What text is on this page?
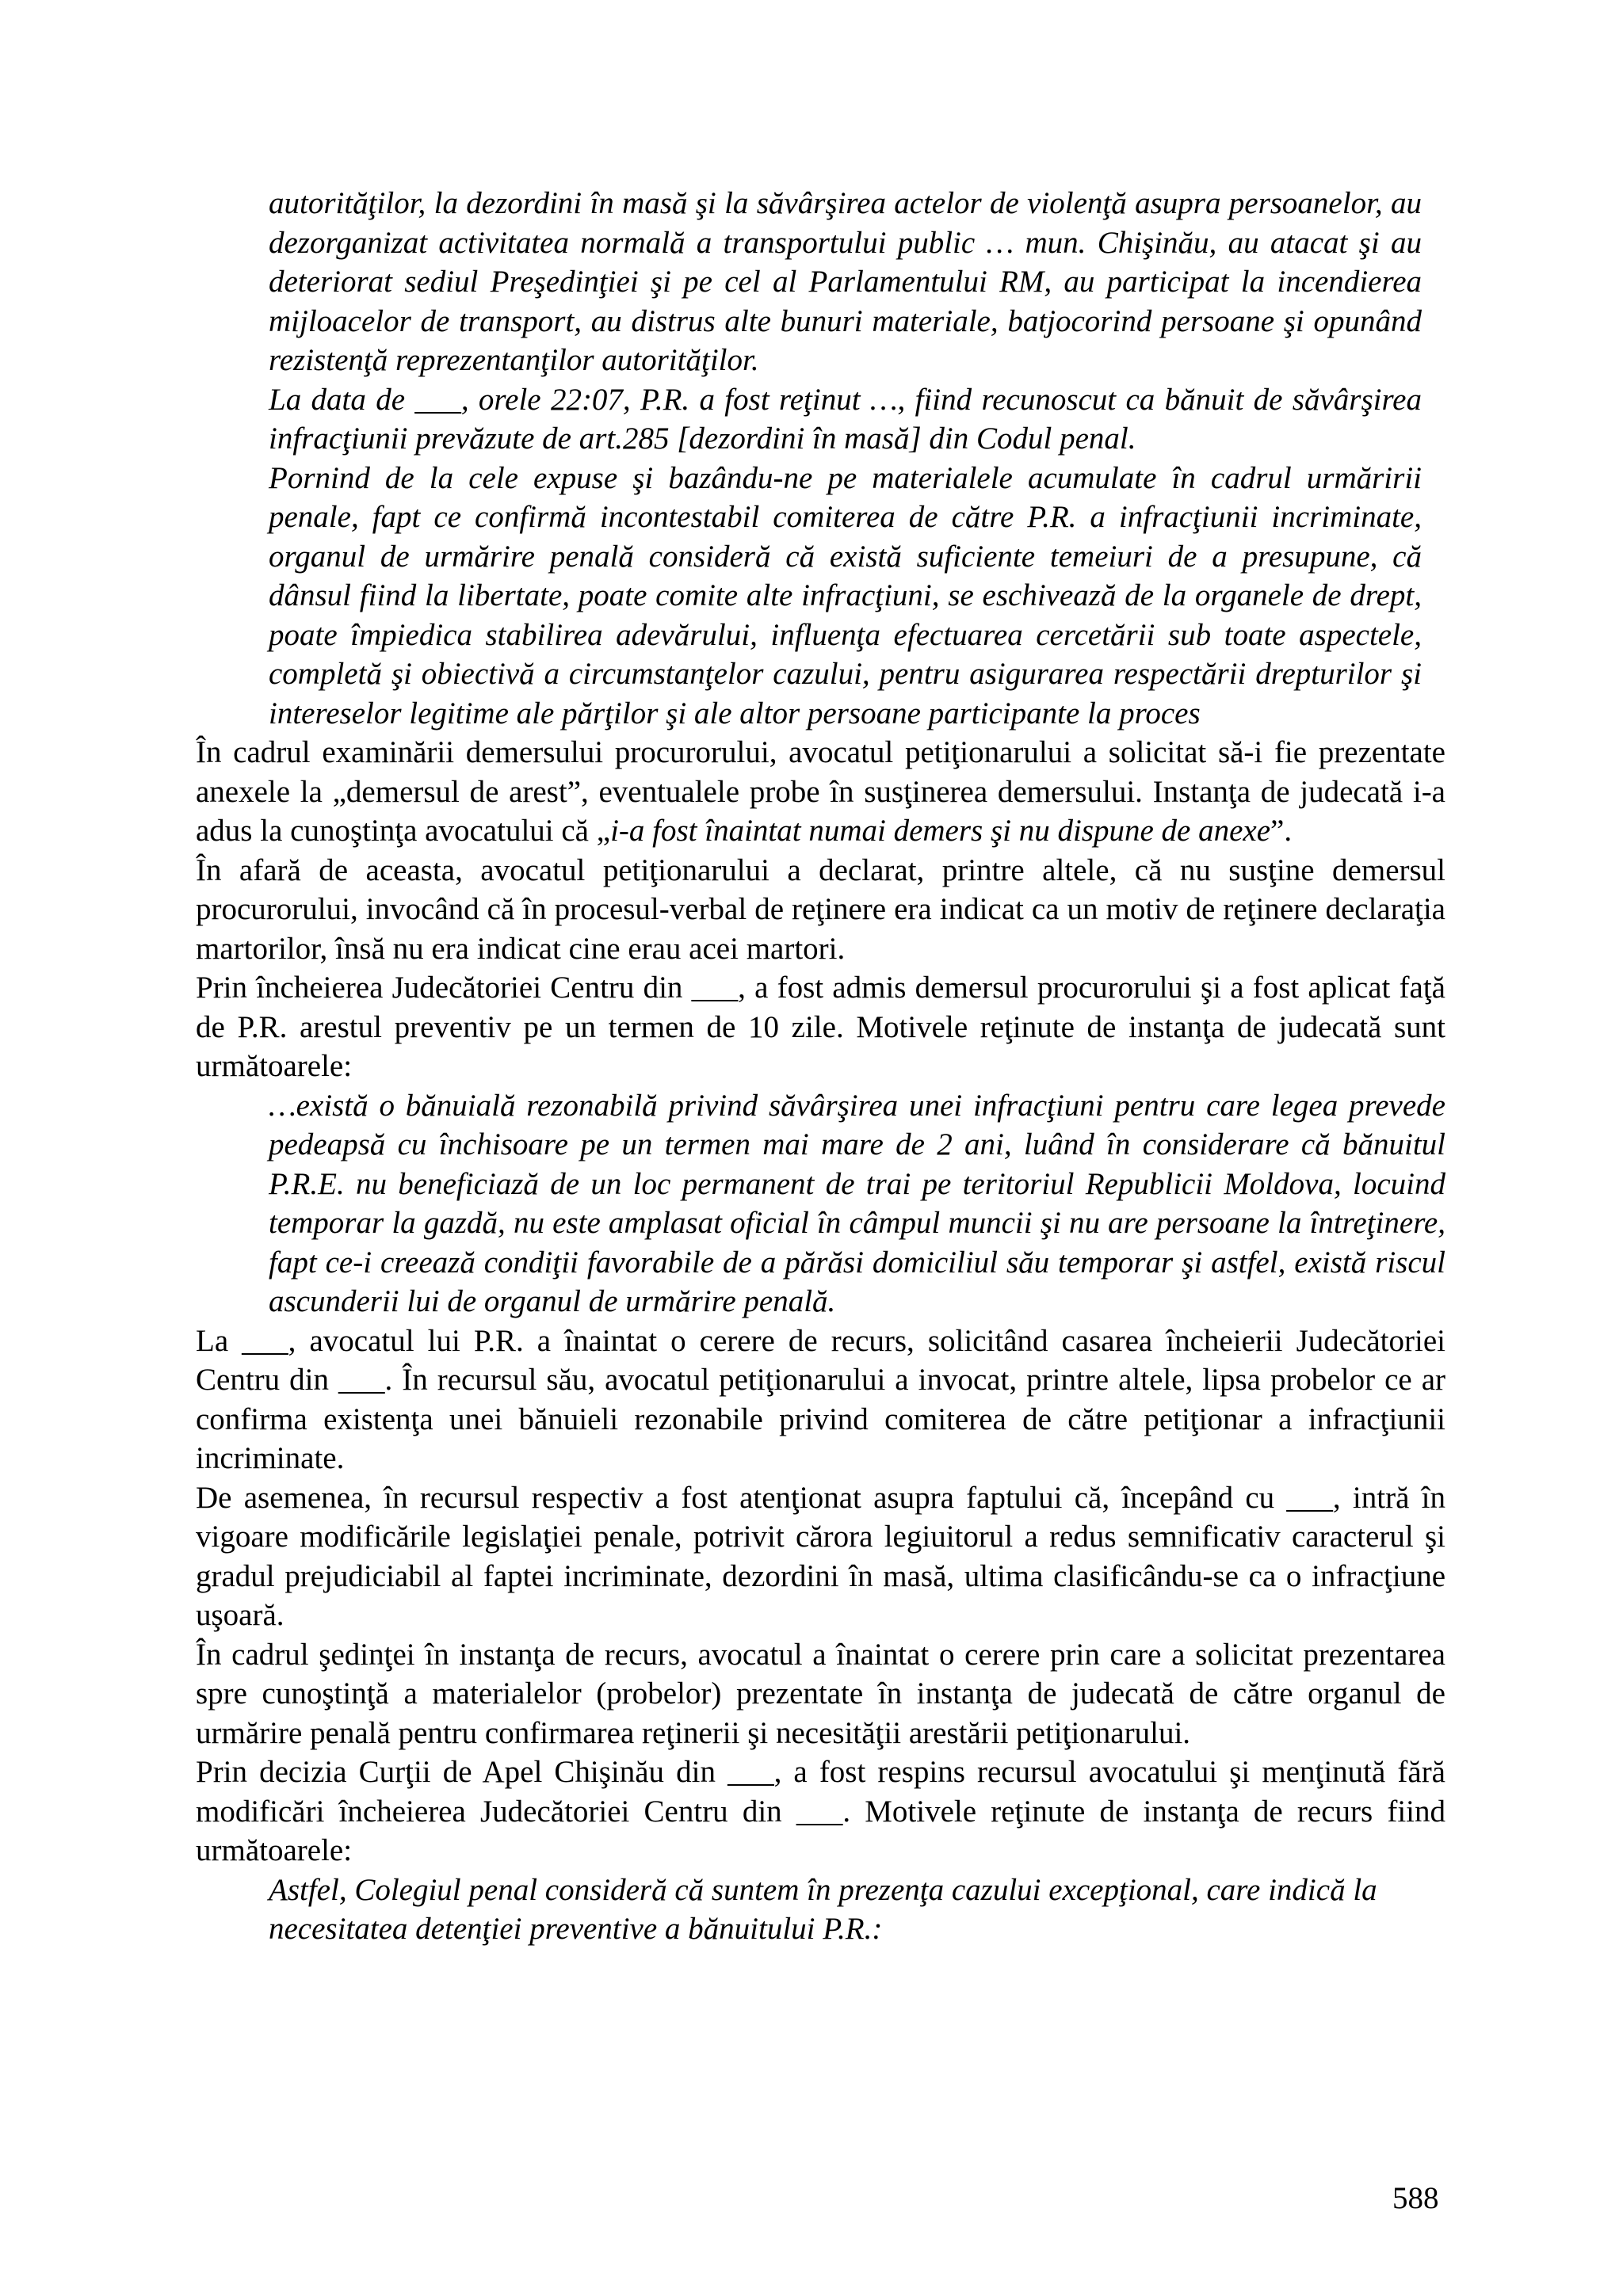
autorităţilor, la dezordini în masă şi la săvârşirea actelor de violenţă asupra persoanelor, au dezorganizat activitatea normală a transportului public … mun. Chişinău, au atacat şi au deteriorat sediul Preşedinţiei şi pe cel al Parlamentului RM, au participat la incendierea mijloacelor de transport, au distrus alte bunuri materiale, batjocorind persoane şi opunând rezistenţă reprezentanţilor autorităţilor.

La data de ___, orele 22:07, P.R. a fost reţinut …, fiind recunoscut ca bănuit de săvârşirea infracţiunii prevăzute de art.285 [dezordini în masă] din Codul penal.

Pornind de la cele expuse şi bazându-ne pe materialele acumulate în cadrul urmăririi penale, fapt ce confirmă incontestabil comiterea de către P.R. a infracţiunii incriminate, organul de urmărire penală consideră că există suficiente temeiuri de a presupune, că dânsul fiind la libertate, poate comite alte infracţiuni, se eschivează de la organele de drept, poate împiedica stabilirea adevărului, influenţa efectuarea cercetării sub toate aspectele, completă şi obiectivă a circumstanţelor cazului, pentru asigurarea respectării drepturilor şi intereselor legitime ale părţilor şi ale altor persoane participante la proces

În cadrul examinării demersului procurorului, avocatul petiţionarului a solicitat să-i fie prezentate anexele la „demersul de arest”, eventualele probe în susţinerea demersului. Instanţa de judecată i-a adus la cunoştinţa avocatului că „i-a fost înaintat numai demers şi nu dispune de anexe”.

În afară de aceasta, avocatul petiţionarului a declarat, printre altele, că nu susţine demersul procurorului, invocând că în procesul-verbal de reţinere era indicat ca un motiv de reţinere declaraţia martorilor, însă nu era indicat cine erau acei martori.

Prin încheierea Judecătoriei Centru din ___, a fost admis demersul procurorului şi a fost aplicat faţă de P.R. arestul preventiv pe un termen de 10 zile. Motivele reţinute de instanţa de judecată sunt următoarele:

…există o bănuială rezonabilă privind săvârşirea unei infracţiuni pentru care legea prevede pedeapsă cu închisoare pe un termen mai mare de 2 ani, luând în considerare că bănuitul P.R.E. nu beneficiază de un loc permanent de trai pe teritoriul Republicii Moldova, locuind temporar la gazdă, nu este amplasat oficial în câmpul muncii şi nu are persoane la întreţinere, fapt ce-i creează condiţii favorabile de a părăsi domiciliul său temporar şi astfel, există riscul ascunderii lui de organul de urmărire penală.

La ___, avocatul lui P.R. a înaintat o cerere de recurs, solicitând casarea încheierii Judecătoriei Centru din ___. În recursul său, avocatul petiţionarului a invocat, printre altele, lipsa probelor ce ar confirma existenţa unei bănuieli rezonabile privind comiterea de către petiţionar a infracţiunii incriminate.

De asemenea, în recursul respectiv a fost atenţionat asupra faptului că, începând cu ___, intră în vigoare modificările legislaţiei penale, potrivit cărora legiuitorul a redus semnificativ caracterul şi gradul prejudiciabil al faptei incriminate, dezordini în masă, ultima clasificându-se ca o infracţiune uşoară.

În cadrul şedinţei în instanţa de recurs, avocatul a înaintat o cerere prin care a solicitat prezentarea spre cunoştinţă a materialelor (probelor) prezentate în instanţa de judecată de către organul de urmărire penală pentru confirmarea reţinerii şi necesităţii arestării petiţionarului.

Prin decizia Curţii de Apel Chişinău din ___, a fost respins recursul avocatului şi menţinută fără modificări încheierea Judecătoriei Centru din ___. Motivele reţinute de instanţa de recurs fiind următoarele:

Astfel, Colegiul penal consideră că suntem în prezenţa cazului excepţional, care indică la necesitatea detenţiei preventive a bănuitului P.R.:

588
